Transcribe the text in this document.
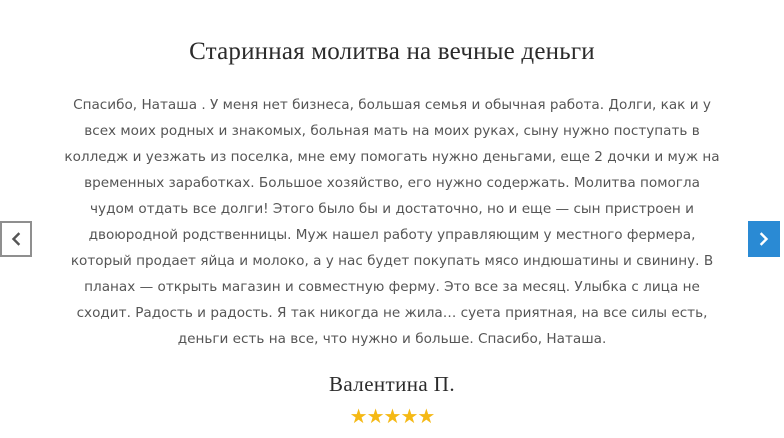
Старинная молитва на вечные деньги
Спасибо, Наташа . У меня нет бизнеса, большая семья и обычная работа. Долги, как и у
всех моих родных и знакомых, больная мать на моих руках, сыну нужно поступать в
колледж и уезжать из поселка, мне ему помогать нужно деньгами, еще 2 дочки и муж на
временных заработках. Большое хозяйство, его нужно содержать. Молитва помогла
чудом отдать все долги! Этого было бы и достаточно, но и еще — сын пристроен и
двоюродной родственницы. Муж нашел работу управляющим у местного фермера,
который продает яйца и молоко, а у нас будет покупать мясо индюшатины и свинину. В
планах — открыть магазин и совместную ферму. Это все за месяц. Улыбка с лица не
сходит. Радость и радость. Я так никогда не жила… суета приятная, на все силы есть,
деньги есть на все, что нужно и больше. Спасибо, Наташа.
Валентина П.
★★★★★
